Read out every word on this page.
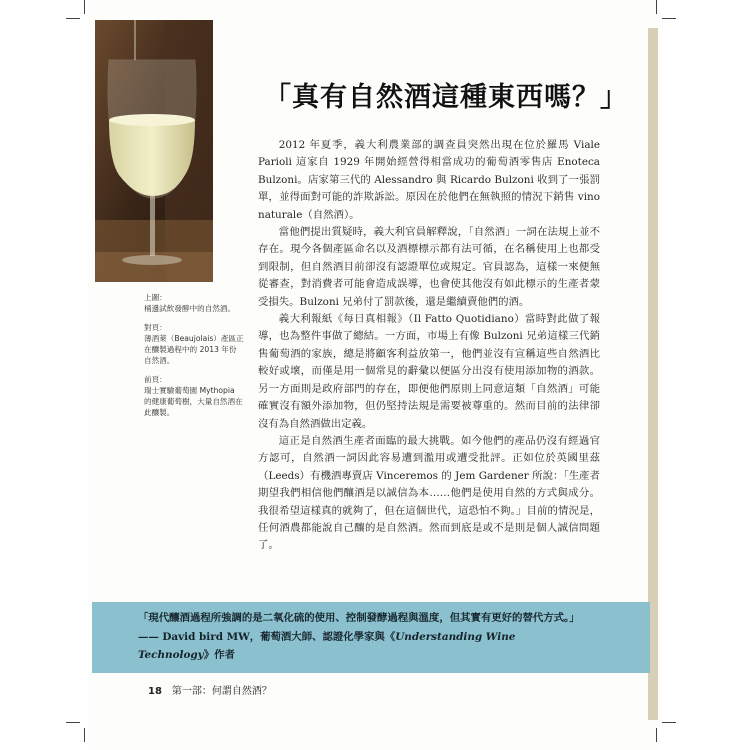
上圖：
桶邊試飲發酵中的自然酒。
對頁：
薄酒萊（Beaujolais）產區正在釀製過程中的 2013 年份自然酒。
前頁：
瑞士實驗葡萄園 Mythopia 的健康葡萄樹，大量自然酒在此釀製。
「真有自然酒這種東西嗎？」

2012 年夏季，義大利農業部的調查員突然出現在位於羅馬 Viale Parioli 這家自 1929 年開始經營得相當成功的葡萄酒零售店 Enoteca Bulzoni。店家第三代的 Alessandro 與 Ricardo Bulzoni 收到了一張罰單，並得面對可能的詐欺訴訟。原因在於他們在無執照的情況下銷售 vino naturale（自然酒）。

當他們提出質疑時，義大利官員解釋說，「自然酒」一詞在法規上並不存在。現今各個產區命名以及酒標標示都有法可循，在名稱使用上也都受到限制，但自然酒目前卻沒有認證單位或規定。官員認為，這樣一來便無從審查，對消費者可能會造成誤導，也會使其他沒有如此標示的生產者蒙受損失。Bulzoni 兄弟付了罰款後，還是繼續賣他們的酒。

義大利報紙《每日真相報》（Il Fatto Quotidiano）當時對此做了報導，也為整件事做了總結。一方面，市場上有像 Bulzoni 兄弟這樣三代銷售葡萄酒的家族，總是將顧客利益放第一，他們並沒有宣稱這些自然酒比較好或壞，而僅是用一個常見的辭彙以便區分出沒有使用添加物的酒款。另一方面則是政府部門的存在，即便他們原則上同意這類「自然酒」可能確實沒有額外添加物，但仍堅持法規是需要被尊重的。然而目前的法律卻沒有為自然酒做出定義。

這正是自然酒生產者面臨的最大挑戰。如今他們的產品仍沒有經過官方認可，自然酒一詞因此容易遭到濫用或遭受批評。正如位於英國里茲（Leeds）有機酒專賣店 Vinceremos 的 Jem Gardener 所說：「生產者期望我們相信他們釀酒是以誠信為本……他們是使用自然的方式與成分。我很希望這樣真的就夠了，但在這個世代，這恐怕不夠。」目前的情況是，任何酒農都能說自己釀的是自然酒。然而到底是或不是則是個人誠信問題了。

「現代釀酒過程所強調的是二氧化硫的使用、控制發酵過程與溫度，但其實有更好的替代方式。」—— David bird MW，葡萄酒大師、認證化學家與《Understanding Wine Technology》作者
18 第一部：何謂自然酒？
